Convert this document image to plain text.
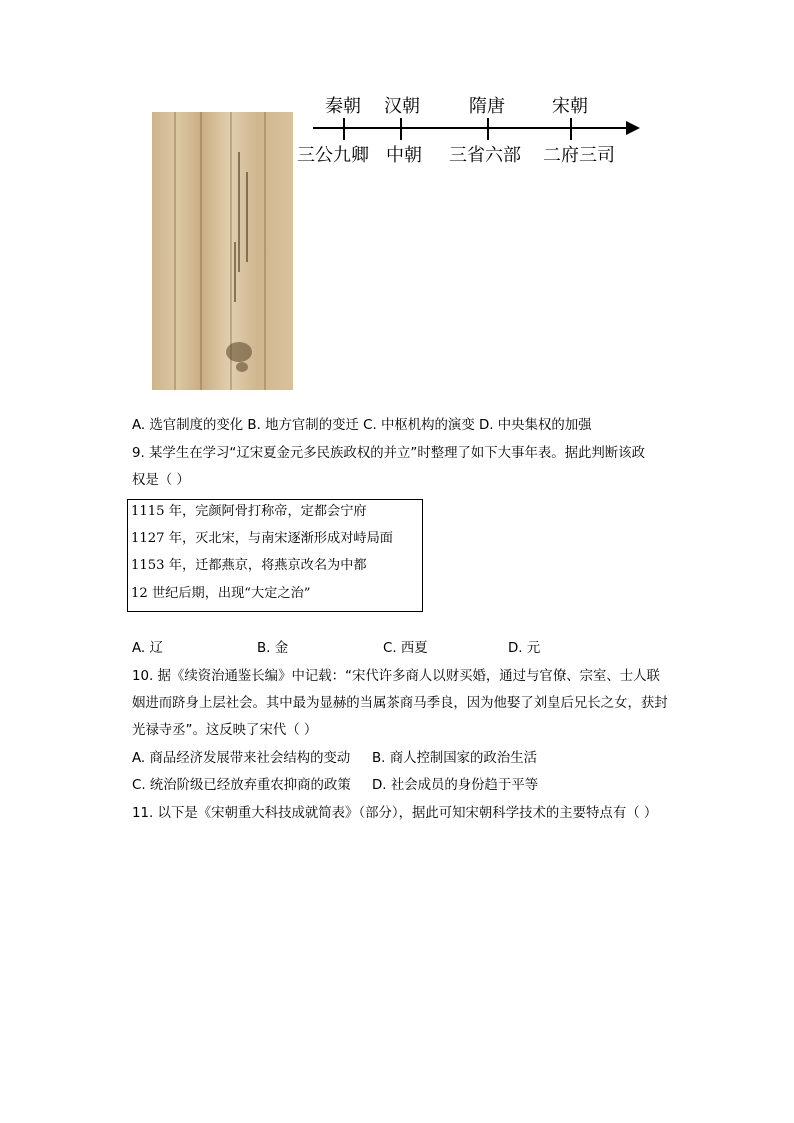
秦朝 汉朝	隋唐	宋朝
三公九卿 中朝 三省六部 二府三司
A. 选官制度的变化 B. 地方官制的变迁 C. 中枢机构的演变 D. 中央集权的加强
9. 某学生在学习“辽宋夏金元多民族政权的并立”时整理了如下大事年表。据此判断该政
权是（ ）
1115 年，完颜阿骨打称帝，定都会宁府
1127 年，灭北宋，与南宋逐渐形成对峙局面
1153 年，迁都燕京，将燕京改名为中都
12 世纪后期，出现“大定之治”
A. 辽	B. 金	C. 西夏	D. 元
10. 据《续资治通鉴长编》中记载：“宋代许多商人以财买婚，通过与官僚、宗室、士人联
姻进而跻身上层社会。其中最为显赫的当属茶商马季良，因为他娶了刘皇后兄长之女，获封
光禄寺丞”。这反映了宋代（ ）
A. 商品经济发展带来社会结构的变动 B. 商人控制国家的政治生活
C. 统治阶级已经放弃重农抑商的政策 D. 社会成员的身份趋于平等
11. 以下是《宋朝重大科技成就简表》（部分），据此可知宋朝科学技术的主要特点有（ ）
